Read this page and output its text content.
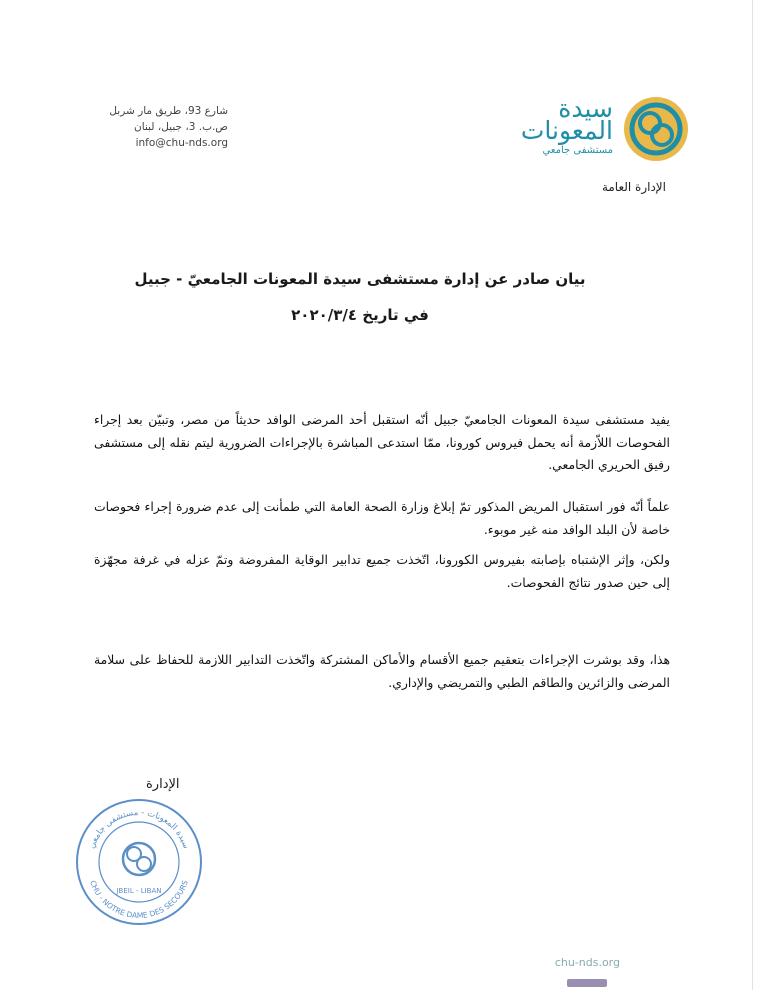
سيدة
المعونات
مستشفى جامعي
الإدارة العامة
شارع 93، طريق مار شربل
ص.ب. 3، جبيل، لبنان
info@chu-nds.org
بيان صادر عن إدارة مستشفى سيدة المعونات الجامعيّ - جبيل
في تاريخ ٢٠٢٠/٣/٤
يفيد مستشفى سيدة المعونات الجامعيّ جبيل أنّه استقبل أحد المرضى الوافد حديثاً من مصر، وتبيّن بعد إجراء الفحوصات اللاّزمة أنه يحمل فيروس كورونا، ممّا استدعى المباشرة بالإجراءات الضرورية ليتم نقله إلى مستشفى رفيق الحريري الجامعي.
علماً أنّه فور استقبال المريض المذكور تمّ إبلاغ وزارة الصحة العامة التي طمأنت إلى عدم ضرورة إجراء فحوصات خاصة لأن البلد الوافد منه غير موبوء.
ولكن، وإثر الإشتباه بإصابته بفيروس الكورونا، اتّخذت جميع تدابير الوقاية المفروضة وتمّ عزله في غرفة مجهّزة إلى حين صدور نتائج الفحوصات.
هذا، وقد بوشرت الإجراءات بتعقيم جميع الأقسام والأماكن المشتركة واتّخذت التدابير اللازمة للحفاظ على سلامة المرضى والزائرين والطاقم الطبي والتمريضي والإداري.
الإدارة
سيدة المعونات - مستشفى جامعي
CHU - NOTRE DAME DES SECOURS
JBEIL - LIBAN
chu-nds.org
